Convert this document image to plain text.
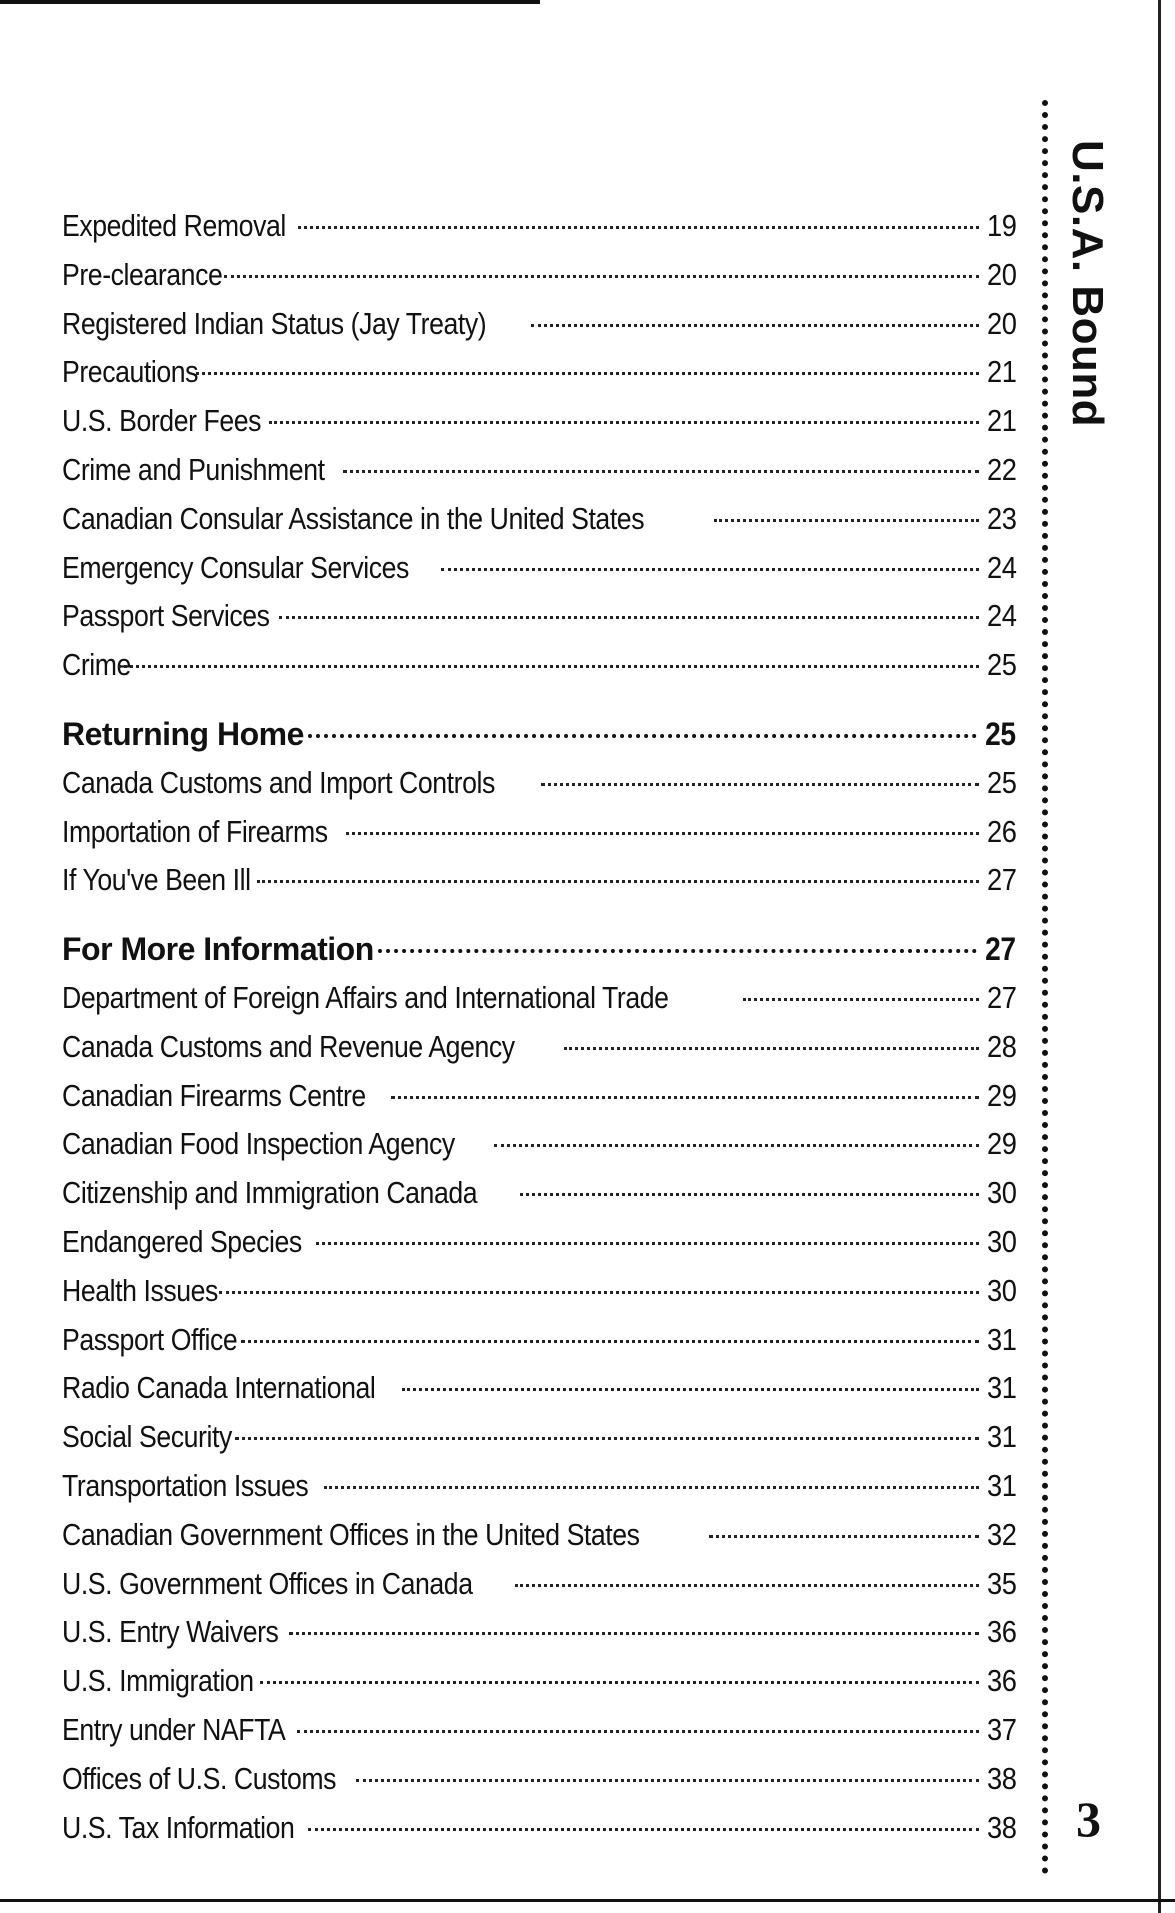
Expedited Removal	19
Pre-clearance	20
Registered Indian Status (Jay Treaty)	20
Precautions	21
U.S. Border Fees	21
Crime and Punishment	22
Canadian Consular Assistance in the United States	23
Emergency Consular Services	24
Passport Services	24
Crime	25
Returning Home	25
Canada Customs and Import Controls	25
Importation of Firearms	26
If You've Been Ill	27
For More Information	27
Department of Foreign Affairs and International Trade	27
Canada Customs and Revenue Agency	28
Canadian Firearms Centre	29
Canadian Food Inspection Agency	29
Citizenship and Immigration Canada	30
Endangered Species	30
Health Issues	30
Passport Office	31
Radio Canada International	31
Social Security	31
Transportation Issues	31
Canadian Government Offices in the United States	32
U.S. Government Offices in Canada	35
U.S. Entry Waivers	36
U.S. Immigration	36
Entry under NAFTA	37
Offices of U.S. Customs	38
U.S. Tax Information	38
U.S.A. Bound
3
